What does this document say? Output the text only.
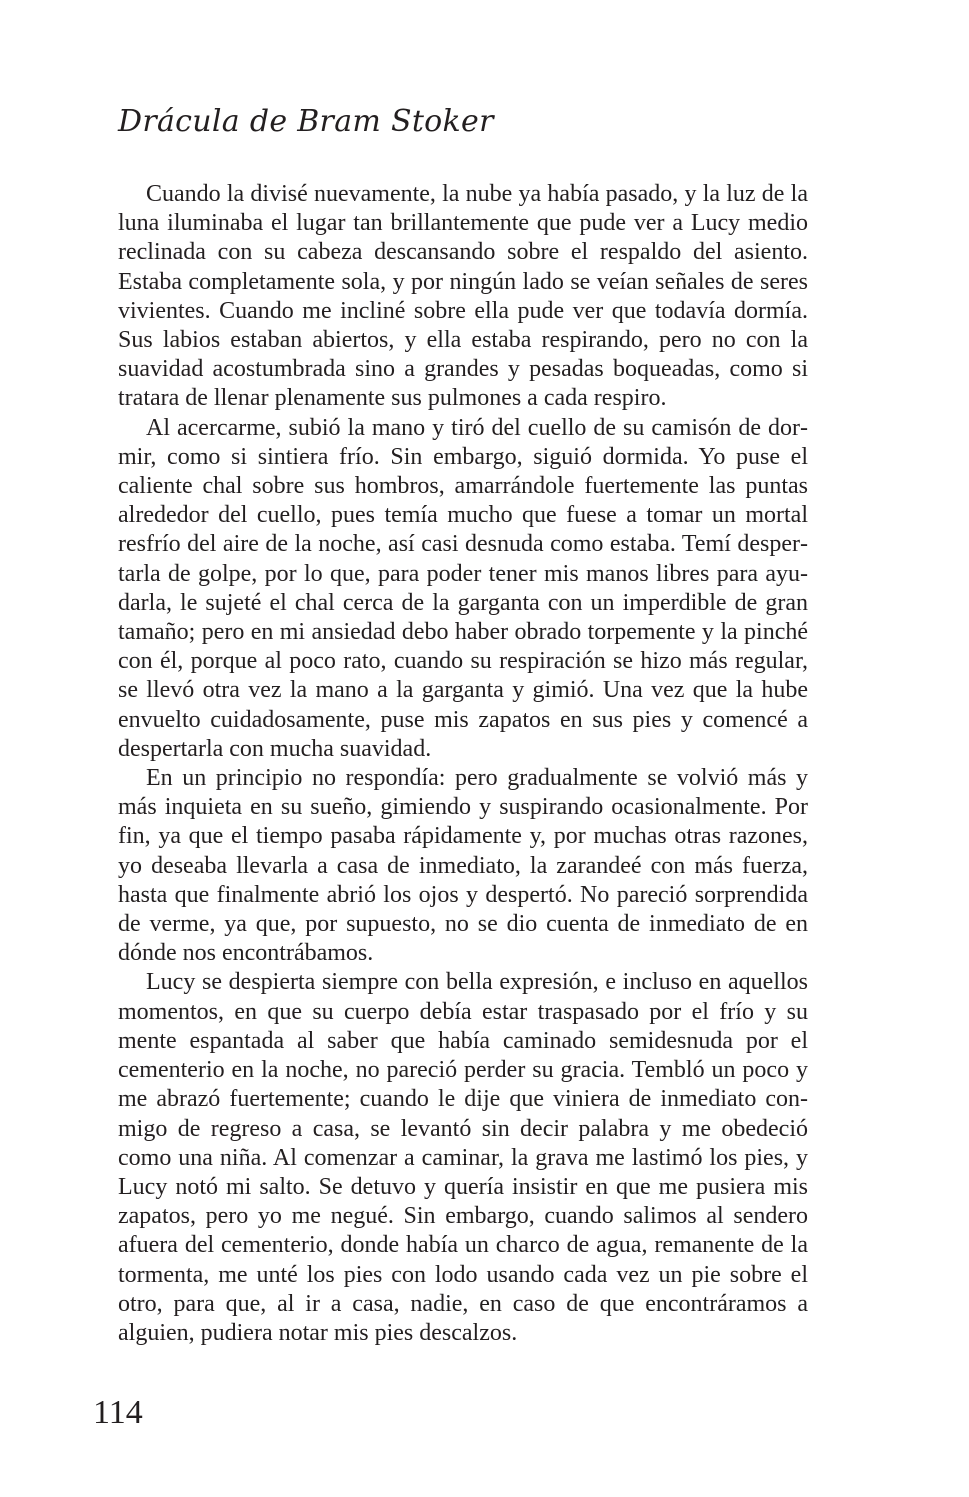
Drácula de Bram Stoker

Cuando la divisé nuevamente, la nube ya había pasado, y la luz de la luna iluminaba el lugar tan brillantemente que pude ver a Lucy medio reclinada con su cabeza descansando sobre el respaldo del asiento. Estaba completamente sola, y por ningún lado se veían señales de seres vivientes. Cuando me incliné sobre ella pude ver que todavía dormía. Sus labios estaban abiertos, y ella estaba respirando, pero no con la suavidad acostumbrada sino a grandes y pesadas boqueadas, como si tratara de llenar plenamente sus pulmones a cada respiro.

Al acercarme, subió la mano y tiró del cuello de su camisón de dormir, como si sintiera frío. Sin embargo, siguió dormida. Yo puse el caliente chal sobre sus hombros, amarrándole fuertemente las puntas alrededor del cuello, pues temía mucho que fuese a tomar un mortal resfrío del aire de la noche, así casi desnuda como estaba. Temí despertarla de golpe, por lo que, para poder tener mis manos libres para ayudarla, le sujeté el chal cerca de la garganta con un imperdible de gran tamaño; pero en mi ansiedad debo haber obrado torpemente y la pinché con él, porque al poco rato, cuando su respiración se hizo más regular, se llevó otra vez la mano a la garganta y gimió. Una vez que la hube envuelto cuidadosamente, puse mis zapatos en sus pies y comencé a despertarla con mucha suavidad.

En un principio no respondía: pero gradualmente se volvió más y más inquieta en su sueño, gimiendo y suspirando ocasionalmente. Por fin, ya que el tiempo pasaba rápidamente y, por muchas otras razones, yo deseaba llevarla a casa de inmediato, la zarandeé con más fuerza, hasta que finalmente abrió los ojos y despertó. No pareció sorprendida de verme, ya que, por supuesto, no se dio cuenta de inmediato de en dónde nos encontrábamos.

Lucy se despierta siempre con bella expresión, e incluso en aquellos momentos, en que su cuerpo debía estar traspasado por el frío y su mente espantada al saber que había caminado semidesnuda por el cementerio en la noche, no pareció perder su gracia. Tembló un poco y me abrazó fuertemente; cuando le dije que viniera de inmediato conmigo de regreso a casa, se levantó sin decir palabra y me obedeció como una niña. Al comenzar a caminar, la grava me lastimó los pies, y Lucy notó mi salto. Se detuvo y quería insistir en que me pusiera mis zapatos, pero yo me negué. Sin embargo, cuando salimos al sendero afuera del cementerio, donde había un charco de agua, remanente de la tormenta, me unté los pies con lodo usando cada vez un pie sobre el otro, para que, al ir a casa, nadie, en caso de que encontráramos a alguien, pudiera notar mis pies descalzos.

114
